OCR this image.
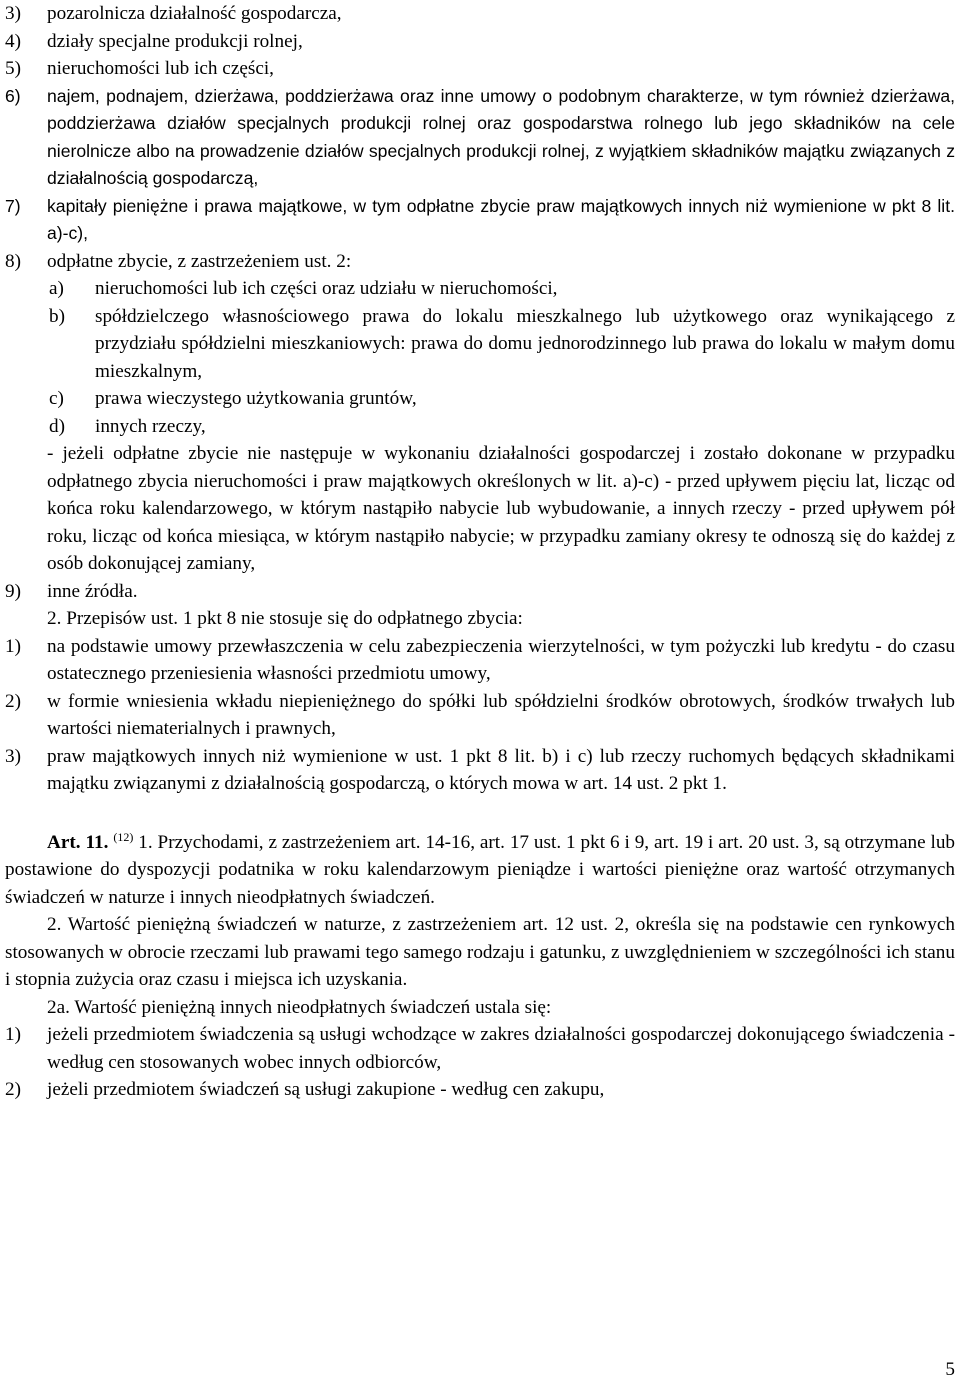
3) pozarolnicza działalność gospodarcza,
4) działy specjalne produkcji rolnej,
5) nieruchomości lub ich części,
6) najem, podnajem, dzierżawa, poddzierżawa oraz inne umowy o podobnym charakterze, w tym również dzierżawa, poddzierżawa działów specjalnych produkcji rolnej oraz gospodarstwa rolnego lub jego składników na cele nierolnicze albo na prowadzenie działów specjalnych produkcji rolnej, z wyjątkiem składników majątku związanych z działalnością gospodarczą,
7) kapitały pieniężne i prawa majątkowe, w tym odpłatne zbycie praw majątkowych innych niż wymienione w pkt 8 lit. a)-c),
8) odpłatne zbycie, z zastrzeżeniem ust. 2:
a) nieruchomości lub ich części oraz udziału w nieruchomości,
b) spółdzielczego własnościowego prawa do lokalu mieszkalnego lub użytkowego oraz wynikającego z przydziału spółdzielni mieszkaniowych: prawa do domu jednorodzinnego lub prawa do lokalu w małym domu mieszkalnym,
c) prawa wieczystego użytkowania gruntów,
d) innych rzeczy,
- jeżeli odpłatne zbycie nie następuje w wykonaniu działalności gospodarczej i zostało dokonane w przypadku odpłatnego zbycia nieruchomości i praw majątkowych określonych w lit. a)-c) - przed upływem pięciu lat, licząc od końca roku kalendarzowego, w którym nastąpiło nabycie lub wybudowanie, a innych rzeczy - przed upływem pół roku, licząc od końca miesiąca, w którym nastąpiło nabycie; w przypadku zamiany okresy te odnoszą się do każdej z osób dokonującej zamiany,
9) inne źródła.
2. Przepisów ust. 1 pkt 8 nie stosuje się do odpłatnego zbycia:
1) na podstawie umowy przewłaszczenia w celu zabezpieczenia wierzytelności, w tym pożyczki lub kredytu - do czasu ostatecznego przeniesienia własności przedmiotu umowy,
2) w formie wniesienia wkładu niepieniężnego do spółki lub spółdzielni środków obrotowych, środków trwałych lub wartości niematerialnych i prawnych,
3) praw majątkowych innych niż wymienione w ust. 1 pkt 8 lit. b) i c) lub rzeczy ruchomych będących składnikami majątku związanymi z działalnością gospodarczą, o których mowa w art. 14 ust. 2 pkt 1.
Art. 11. $^{(12)}$ 1. Przychodami, z zastrzeżeniem art. 14-16, art. 17 ust. 1 pkt 6 i 9, art. 19 i art. 20 ust. 3, są otrzymane lub postawione do dyspozycji podatnika w roku kalendarzowym pieniądze i wartości pieniężne oraz wartość otrzymanych świadczeń w naturze i innych nieodpłatnych świadczeń.
2. Wartość pieniężną świadczeń w naturze, z zastrzeżeniem art. 12 ust. 2, określa się na podstawie cen rynkowych stosowanych w obrocie rzeczami lub prawami tego samego rodzaju i gatunku, z uwzględnieniem w szczególności ich stanu i stopnia zużycia oraz czasu i miejsca ich uzyskania.
2a. Wartość pieniężną innych nieodpłatnych świadczeń ustala się:
1) jeżeli przedmiotem świadczenia są usługi wchodzące w zakres działalności gospodarczej dokonującego świadczenia - według cen stosowanych wobec innych odbiorców,
2) jeżeli przedmiotem świadczeń są usługi zakupione - według cen zakupu,
5
